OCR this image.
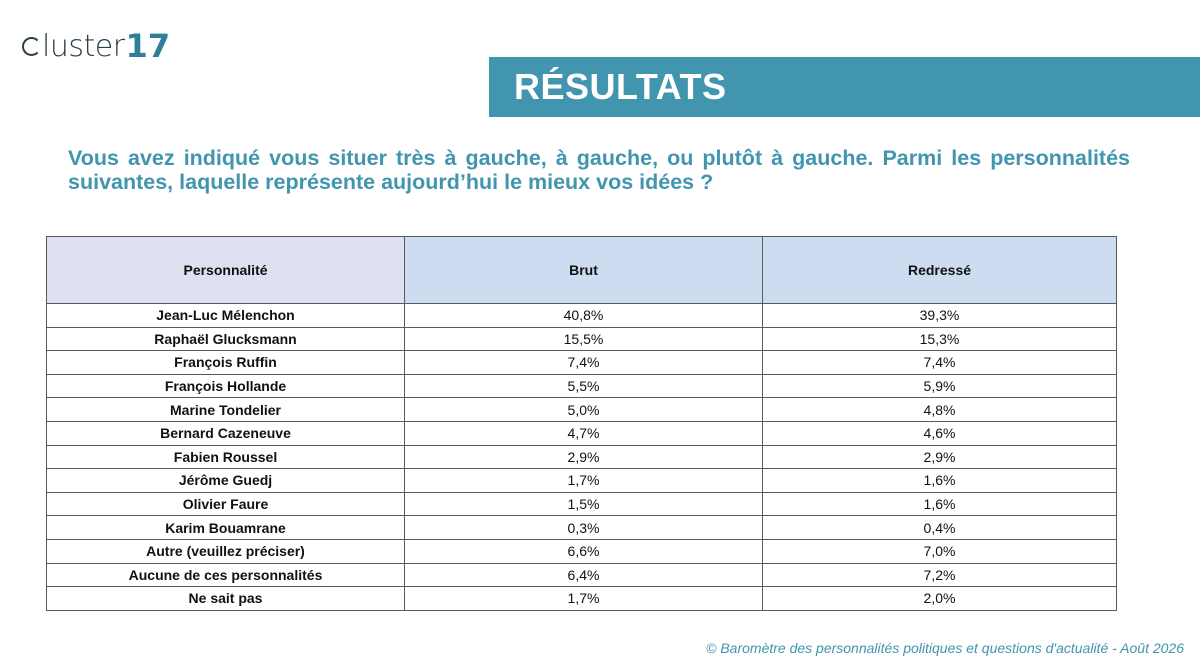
luster 17
RÉSULTATS
Vous avez indiqué vous situer très à gauche, à gauche, ou plutôt à gauche. Parmi les personnalités suivantes, laquelle représente aujourd’hui le mieux vos idées ?
Personnalité	Brut	Redressé
Jean-Luc Mélenchon	40,8%	39,3%
Raphaël Glucksmann	15,5%	15,3%
François Ruffin	7,4%	7,4%
François Hollande	5,5%	5,9%
Marine Tondelier	5,0%	4,8%
Bernard Cazeneuve	4,7%	4,6%
Fabien Roussel	2,9%	2,9%
Jérôme Guedj	1,7%	1,6%
Olivier Faure	1,5%	1,6%
Karim Bouamrane	0,3%	0,4%
Autre (veuillez préciser)	6,6%	7,0%
Aucune de ces personnalités	6,4%	7,2%
Ne sait pas	1,7%	2,0%
© Baromètre des personnalités politiques et questions d'actualité - Août 2026
